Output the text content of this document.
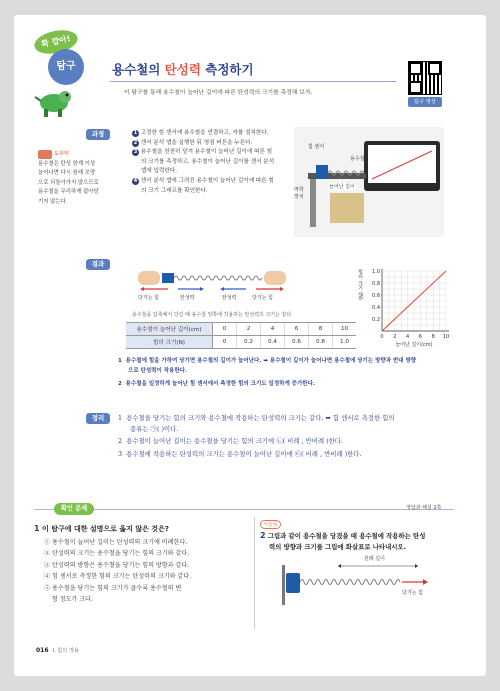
확 깝아!
탐구	용수철의 탄성력 측정하기
이 탐구를 통해 용수철이 늘어난 길이에 따른 탄성력의 크기를 측정해 보자.
탐구 영상
도우미
용수철은 탄성 한계 이상
늘어나면 다시 원래 모양
으로 되돌아가지 않으므로
용수철을 무리하게 잡아당
기지 않는다.
과정	1 고정한 힘 센서에 용수철을 연결하고, 자를 설치한다.
2 센서 분석 앱을 실행한 뒤 영점 버튼을 누른다.
3 용수철을 천천히 당겨 용수철이 늘어난 길이에 따른 힘
의 크기를 측정하고, 용수철이 늘어난 길이를 센서 분석
앱에 입력한다.
4 센서 분석 앱에 그려진 용수철이 늘어난 길이에 따른 힘
의 크기 그래프를 확인한다.
힘 센서
용수철
역학 장치
늘어난 길이
결과
당기는 힘	탄성력	탄성력	당기는 힘
용수철을 압축해서 당길 때 용수철 양쪽에 작용하는 탄성력의 크기는 같다.
용수철이 늘어난 길이(cm)	0	2	4	6	8	10
힘의 크기(N)	0	0.2	0.4	0.6	0.8	1.0
0 2 4 6 8 10
0.2
0.4
0.6
0.8
1.0
힘의 크기 (N)
늘어난 길이(cm)
1 용수철에 힘을 가하여 당기면 용수철의 길이가 늘어난다. ➡ 용수철이 길이가 늘어나면 용수철에 당기는 방향과 반대 방향
으로 탄성력이 작용한다.
2 용수철을 일정하게 늘어난 힘 센서에서 측정한 힘의 크기도 일정하게 증가한다.
정리	1 용수철을 당기는 힘의 크기와 용수철에 작용하는 탄성력의 크기는 같다. ➡ 힘 센서로 측정한 힘의
종류는 ㉠( )이다.
2 용수철이 늘어난 길이는 용수철을 당기는 힘의 크기에 ㉡( 비례 , 반비례 )한다.
3 용수철에 작용하는 탄성력의 크기는 용수철이 늘어난 길이에 ㉢( 비례 , 반비례 )한다.
확인 문제	정답과 해설 2쪽
1 이 탐구에 대한 설명으로 옳지 않은 것은?
① 용수철이 늘어난 길이는 탄성력의 크기에 비례한다.
② 탄성력의 크기는 용수철을 당기는 힘의 크기와 같다.
③ 탄성력의 방향은 용수철을 당기는 힘의 방향과 같다.
④ 힘 센서로 측정한 힘의 크기는 탄성력의 크기와 같다.
⑤ 용수철을 당기는 힘의 크기가 클수록 용수철의 변
형 정도가 크다.
서술형
2 그림과 같이 용수철을 당겼을 때 용수철에 작용하는 탄성
력의 방향과 크기를 그림에 화살표로 나타내시오.
원래 길이
당기는 힘
016 Ⅰ. 힘의 작용
